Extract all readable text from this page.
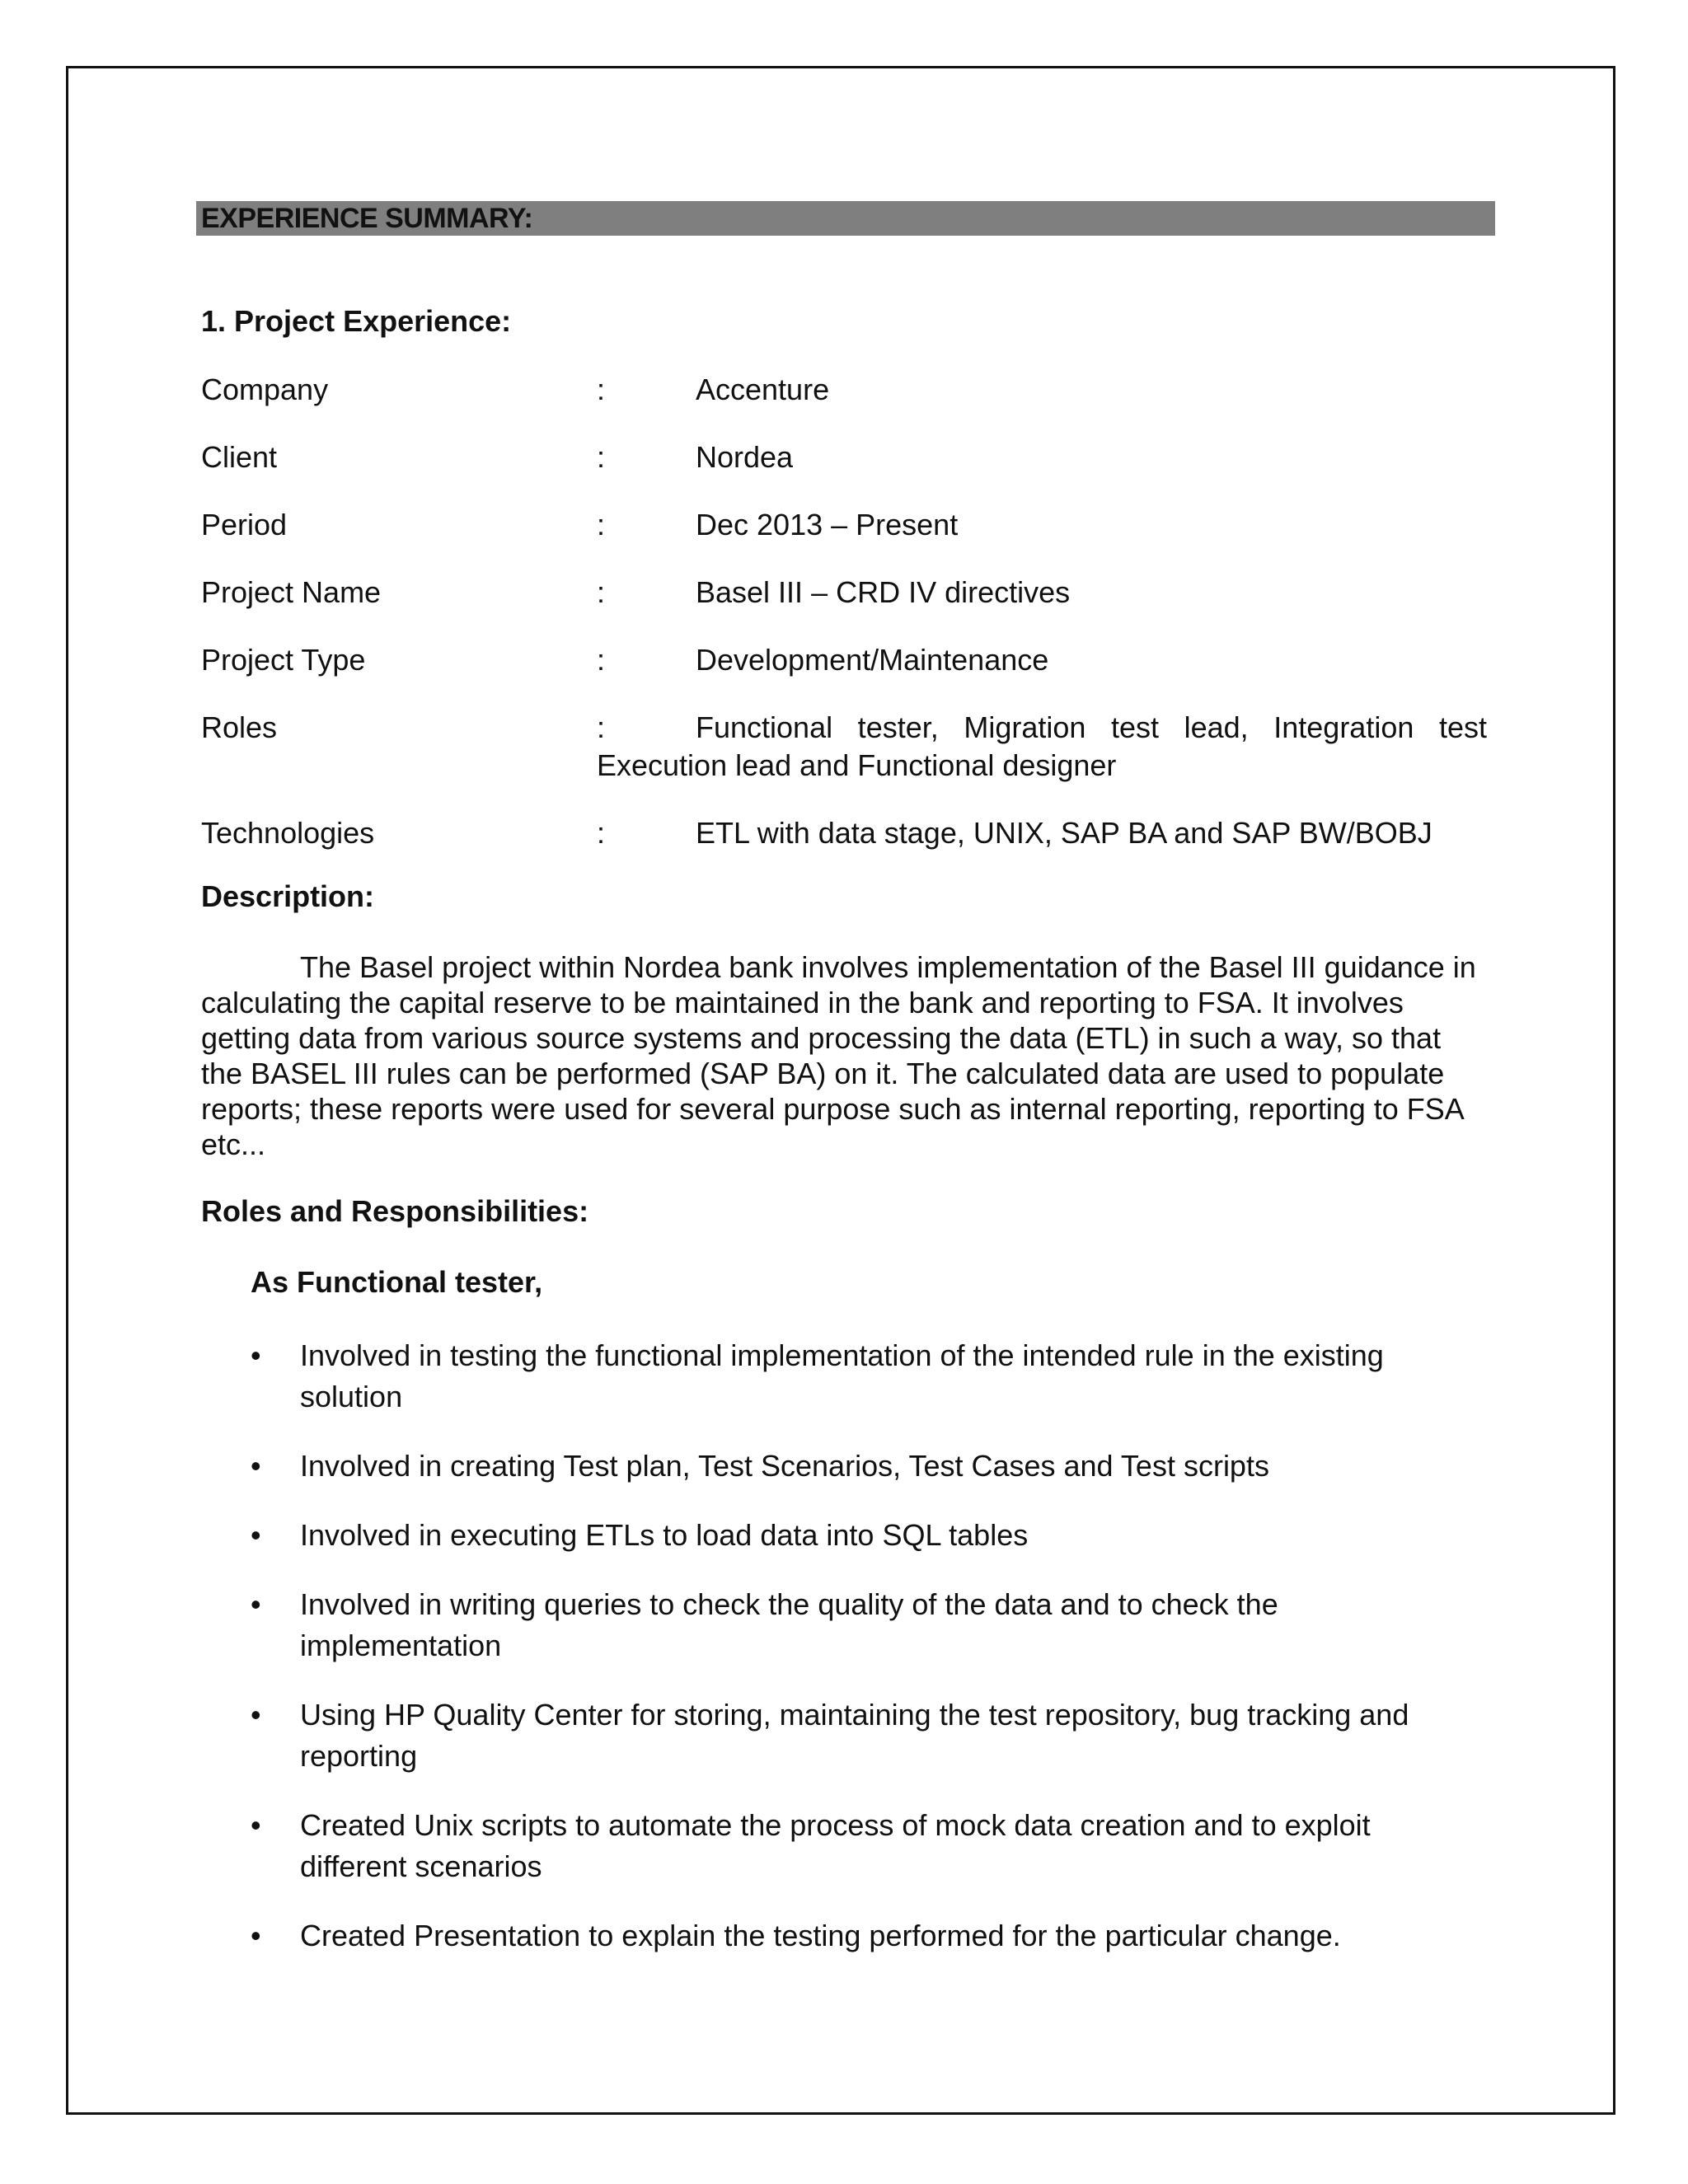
EXPERIENCE SUMMARY:
1. Project Experience:
Company	:	Accenture
Client	:	Nordea
Period	:	Dec 2013 – Present
Project Name	:	Basel III – CRD IV directives
Project Type	:	Development/Maintenance
Roles	:	Functional tester, Migration test lead, Integration test Execution lead and Functional designer
Technologies	:	ETL with data stage, UNIX, SAP BA and SAP BW/BOBJ
Description:
The Basel project within Nordea bank involves implementation of the Basel III guidance in calculating the capital reserve to be maintained in the bank and reporting to FSA. It involves getting data from various source systems and processing the data (ETL) in such a way, so that the BASEL III rules can be performed (SAP BA) on it. The calculated data are used to populate reports; these reports were used for several purpose such as internal reporting, reporting to FSA etc...
Roles and Responsibilities:
As Functional tester,
•	Involved in testing the functional implementation of the intended rule in the existing solution
•	Involved in creating Test plan, Test Scenarios, Test Cases and Test scripts
•	Involved in executing ETLs to load data into SQL tables
•	Involved in writing queries to check the quality of the data and to check the implementation
•	Using HP Quality Center for storing, maintaining the test repository, bug tracking and reporting
•	Created Unix scripts to automate the process of mock data creation and to exploit different scenarios
•	Created Presentation to explain the testing performed for the particular change.
